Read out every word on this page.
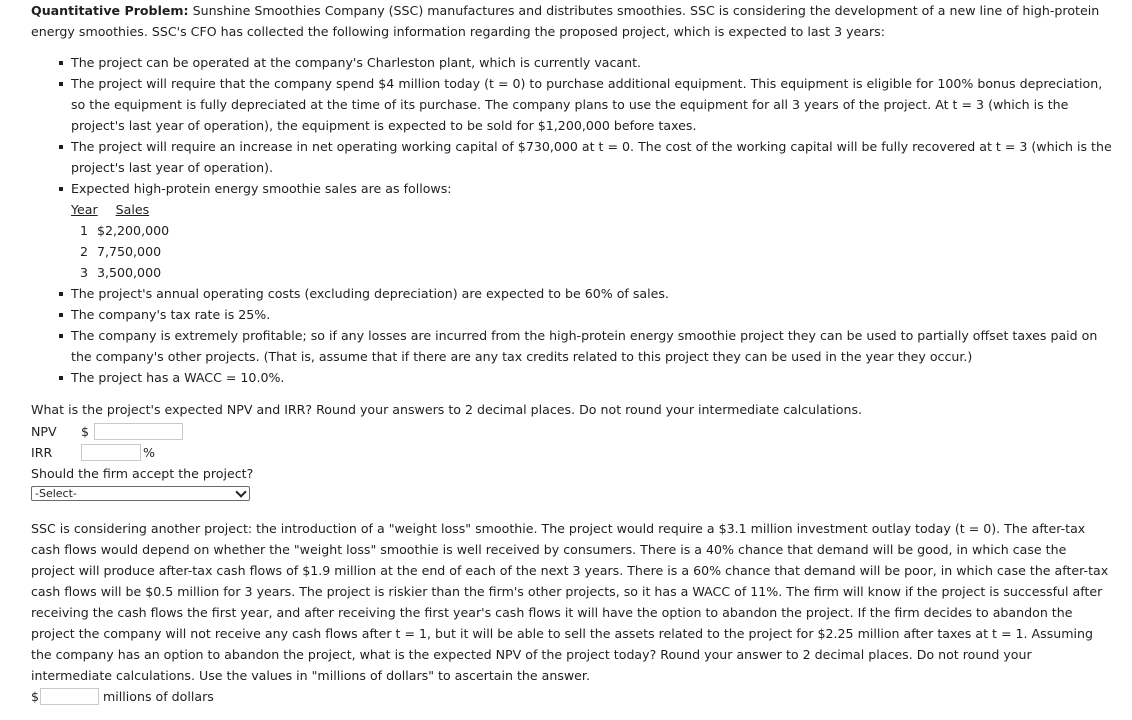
Quantitative Problem: Sunshine Smoothies Company (SSC) manufactures and distributes smoothies. SSC is considering the development of a new line of high-protein energy smoothies. SSC's CFO has collected the following information regarding the proposed project, which is expected to last 3 years:

The project can be operated at the company's Charleston plant, which is currently vacant.
The project will require that the company spend $4 million today (t = 0) to purchase additional equipment. This equipment is eligible for 100% bonus depreciation, so the equipment is fully depreciated at the time of its purchase. The company plans to use the equipment for all 3 years of the project. At t = 3 (which is the project's last year of operation), the equipment is expected to be sold for $1,200,000 before taxes.
The project will require an increase in net operating working capital of $730,000 at t = 0. The cost of the working capital will be fully recovered at t = 3 (which is the project's last year of operation).
Expected high-protein energy smoothie sales are as follows:
Year Sales
1 $2,200,000
2 7,750,000
3 3,500,000
The project's annual operating costs (excluding depreciation) are expected to be 60% of sales.
The company's tax rate is 25%.
The company is extremely profitable; so if any losses are incurred from the high-protein energy smoothie project they can be used to partially offset taxes paid on the company's other projects. (That is, assume that if there are any tax credits related to this project they can be used in the year they occur.)
The project has a WACC = 10.0%.

What is the project's expected NPV and IRR? Round your answers to 2 decimal places. Do not round your intermediate calculations.

NPV	$
IRR	%

Should the firm accept the project?

-Select-

SSC is considering another project: the introduction of a "weight loss" smoothie. The project would require a $3.1 million investment outlay today (t = 0). The after-tax cash flows would depend on whether the "weight loss" smoothie is well received by consumers. There is a 40% chance that demand will be good, in which case the project will produce after-tax cash flows of $1.9 million at the end of each of the next 3 years. There is a 60% chance that demand will be poor, in which case the after-tax cash flows will be $0.5 million for 3 years. The project is riskier than the firm's other projects, so it has a WACC of 11%. The firm will know if the project is successful after receiving the cash flows the first year, and after receiving the first year's cash flows it will have the option to abandon the project. If the firm decides to abandon the project the company will not receive any cash flows after t = 1, but it will be able to sell the assets related to the project for $2.25 million after taxes at t = 1. Assuming the company has an option to abandon the project, what is the expected NPV of the project today? Round your answer to 2 decimal places. Do not round your intermediate calculations. Use the values in "millions of dollars" to ascertain the answer.

$	millions of dollars
